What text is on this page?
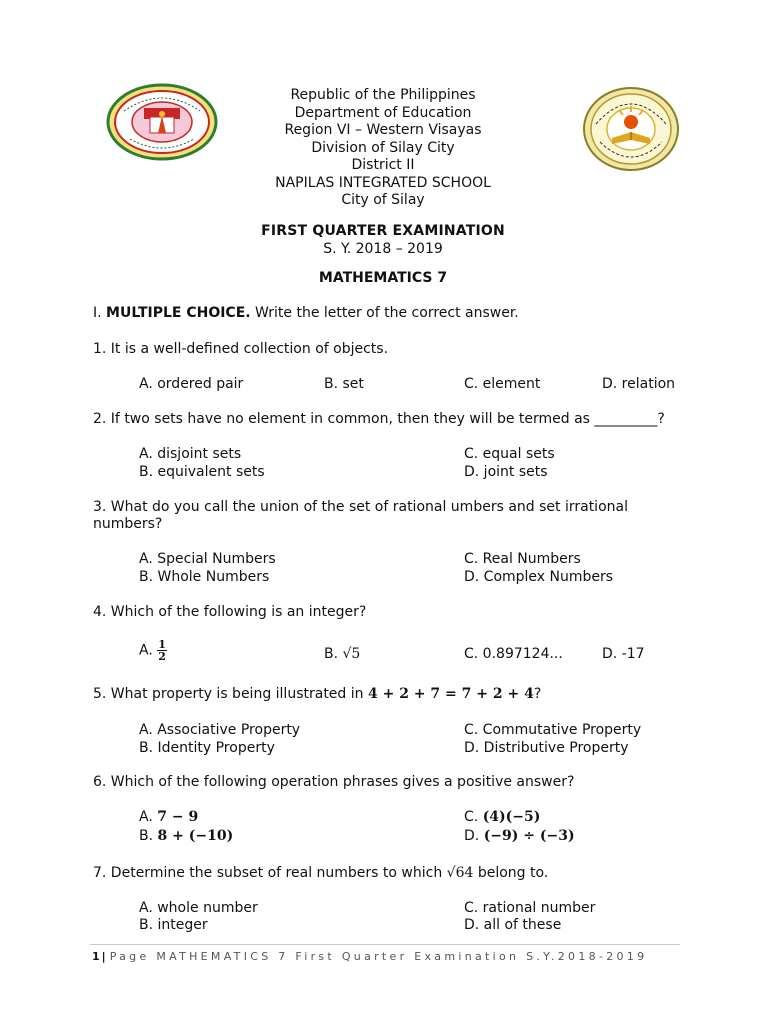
Republic of the Philippines
Department of Education
Region VI – Western Visayas
Division of Silay City
District II
NAPILAS INTEGRATED SCHOOL
City of Silay
FIRST QUARTER EXAMINATION
S. Y. 2018 – 2019
MATHEMATICS 7
I. MULTIPLE CHOICE. Write the letter of the correct answer.
1. It is a well-defined collection of objects.
A. ordered pair	B. set	C. element	D. relation
2. If two sets have no element in common, then they will be termed as _________?
A. disjoint sets
B. equivalent sets
C. equal sets
D. joint sets
3. What do you call the union of the set of rational umbers and set irrational
numbers?
A. Special Numbers
B. Whole Numbers
C. Real Numbers
D. Complex Numbers
4. Which of the following is an integer?
A. $\frac{1}{2}$	B. √5	C. 0.897124...	D. -17
5. What property is being illustrated in 4 + 2 + 7 = 7 + 2 + 4?
A. Associative Property
B. Identity Property
C. Commutative Property
D. Distributive Property
6. Which of the following operation phrases gives a positive answer?
A. 7 − 9
B. 8 + (−10)
C. (4)(−5)
D. (−9) ÷ (−3)
7. Determine the subset of real numbers to which √64 belong to.
A. whole number
B. integer
C. rational number
D. all of these
1 | Page MATHEMATICS 7 First Quarter Examination S.Y.2018-2019
